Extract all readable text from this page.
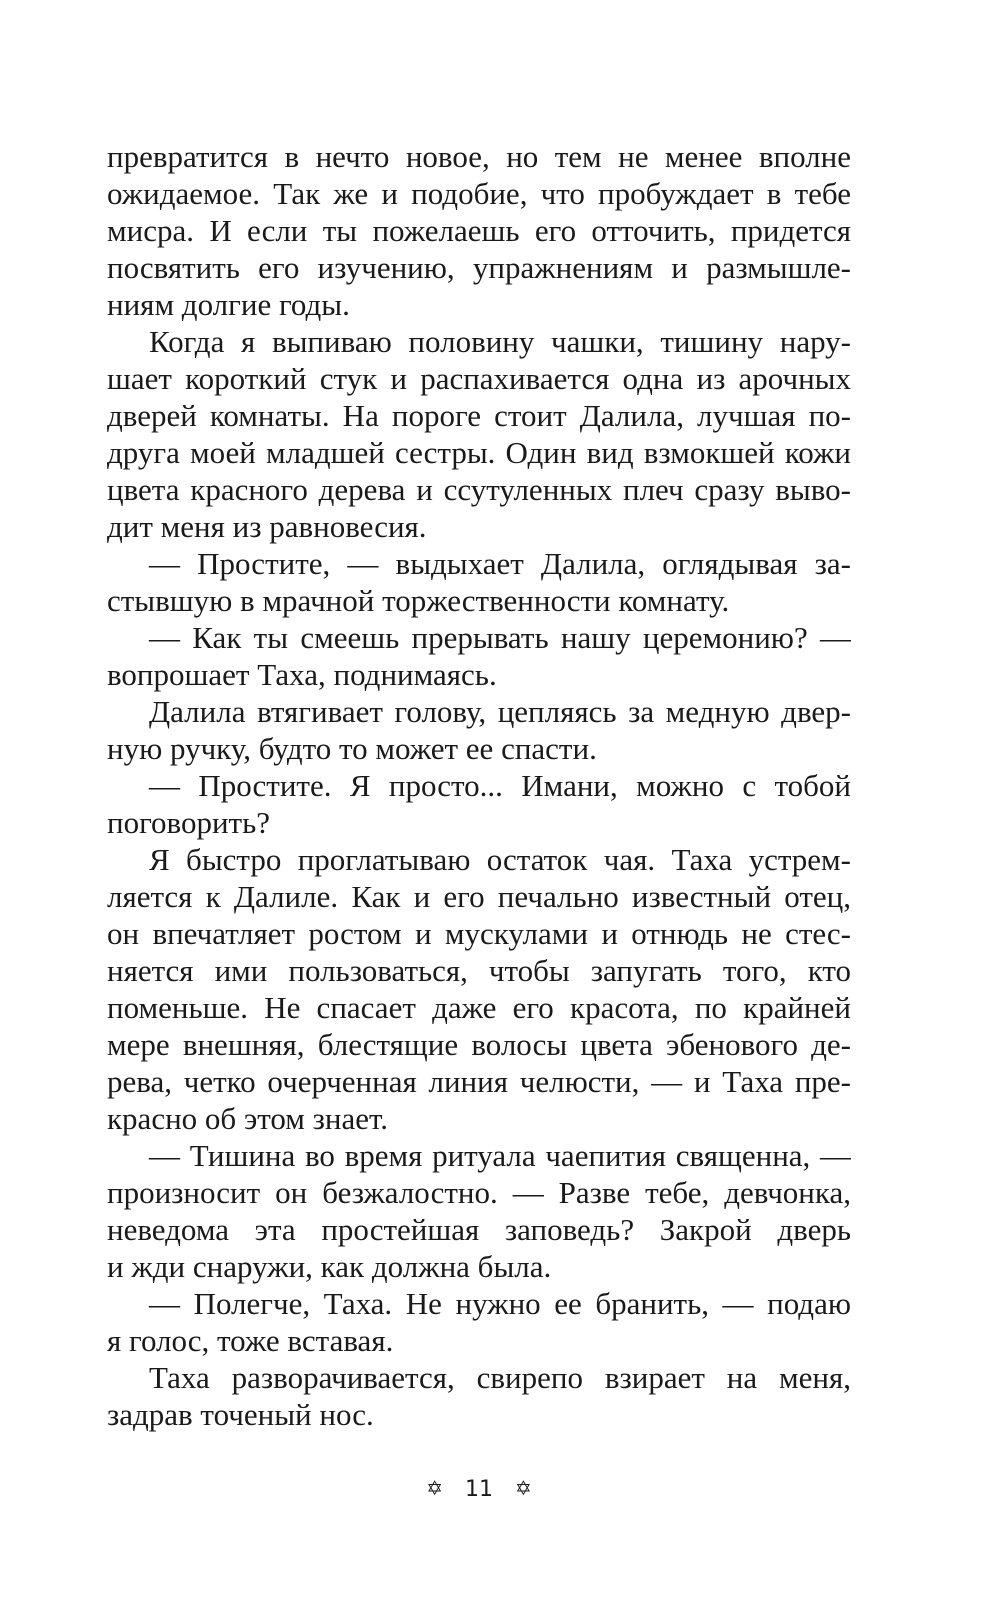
превратится в нечто новое, но тем не менее вполне
ожидаемое. Так же и подобие, что пробуждает в тебе
мисра. И если ты пожелаешь его отточить, придется
посвятить его изучению, упражнениям и размышле-
ниям долгие годы.
Когда я выпиваю половину чашки, тишину нару-
шает короткий стук и распахивается одна из арочных
дверей комнаты. На пороге стоит Далила, лучшая по-
друга моей младшей сестры. Один вид взмокшей кожи
цвета красного дерева и ссутуленных плеч сразу выво-
дит меня из равновесия.
— Простите, — выдыхает Далила, оглядывая за-
стывшую в мрачной торжественности комнату.
— Как ты смеешь прерывать нашу церемонию? —
вопрошает Таха, поднимаясь.
Далила втягивает голову, цепляясь за медную двер-
ную ручку, будто то может ее спасти.
— Простите. Я просто... Имани, можно с тобой
поговорить?
Я быстро проглатываю остаток чая. Таха устрем-
ляется к Далиле. Как и его печально известный отец,
он впечатляет ростом и мускулами и отнюдь не стес-
няется ими пользоваться, чтобы запугать того, кто
поменьше. Не спасает даже его красота, по крайней
мере внешняя, блестящие волосы цвета эбенового де-
рева, четко очерченная линия челюсти, — и Таха пре-
красно об этом знает.
— Тишина во время ритуала чаепития священна, —
произносит он безжалостно. — Разве тебе, девчонка,
неведома эта простейшая заповедь? Закрой дверь
и жди снаружи, как должна была.
— Полегче, Таха. Не нужно ее бранить, — подаю
я голос, тоже вставая.
Таха разворачивается, свирепо взирает на меня,
задрав точеный нос.
✡ 11 ✡
